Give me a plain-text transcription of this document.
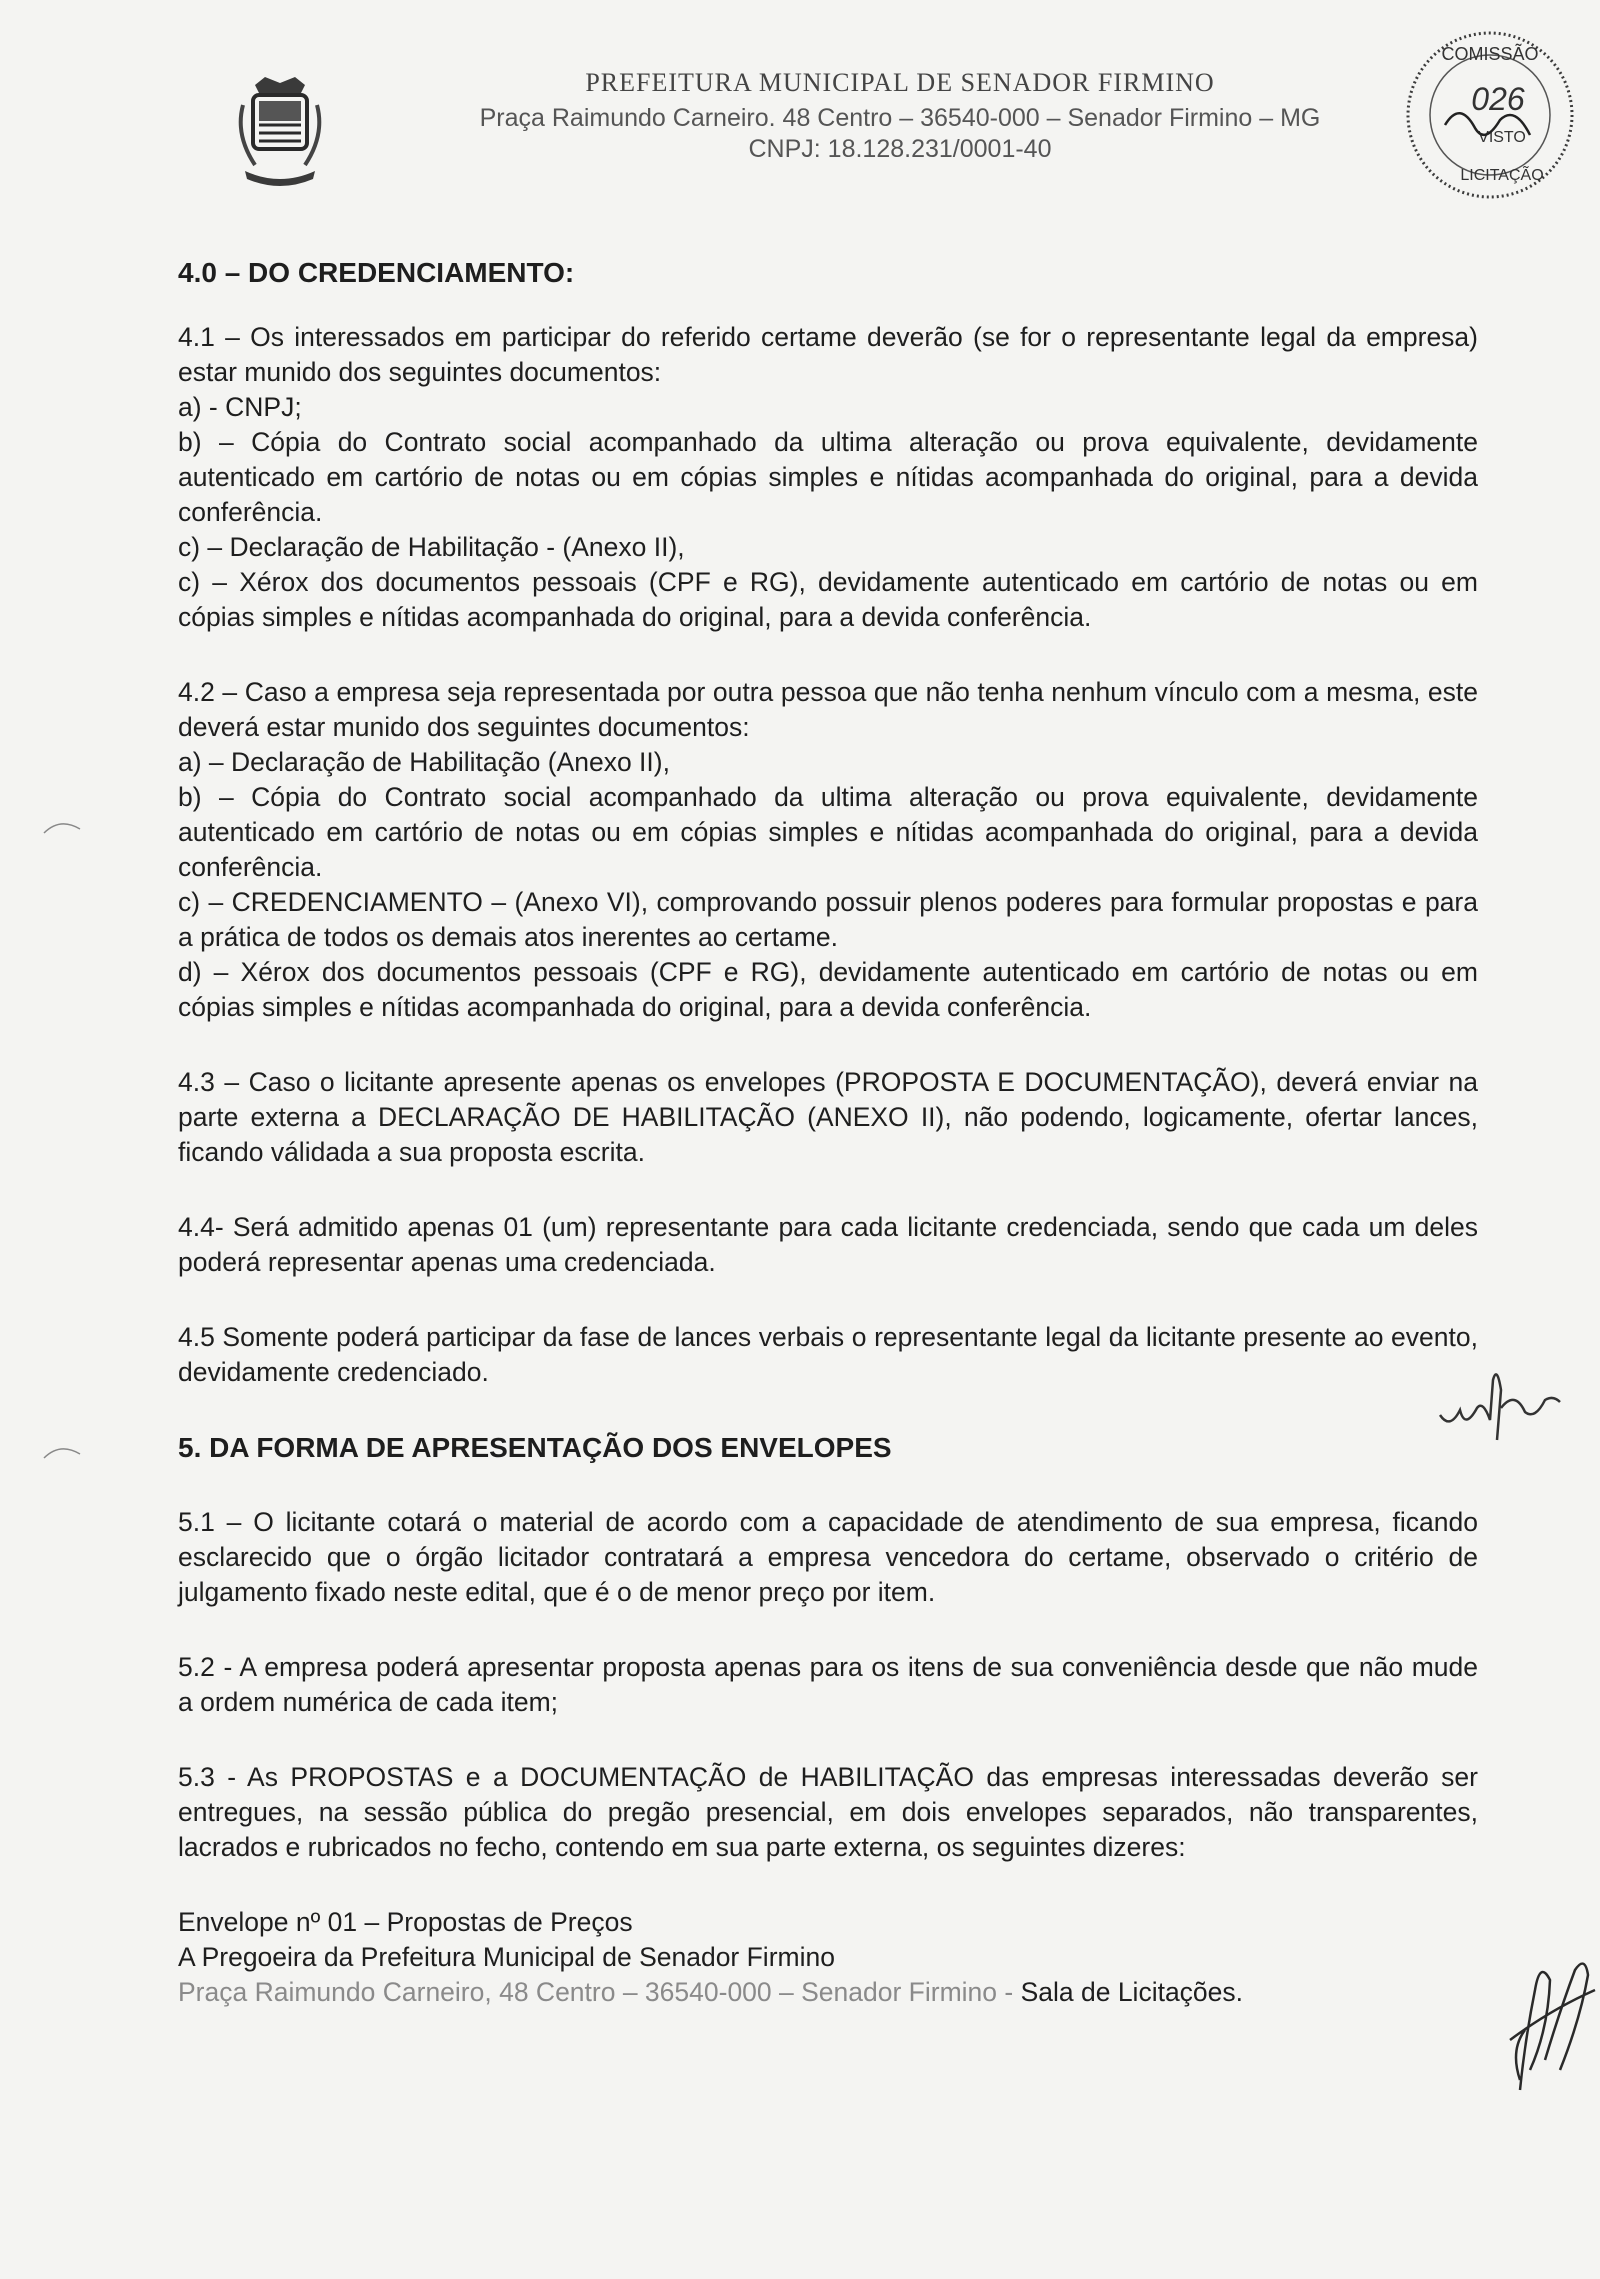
PREFEITURA MUNICIPAL DE SENADOR FIRMINO
Praça Raimundo Carneiro. 48 Centro – 36540-000 – Senador Firmino – MG
CNPJ: 18.128.231/0001-40
COMISSÃO
026
VISTO
LICITAÇÃO

4.0 – DO CREDENCIAMENTO:

4.1 – Os interessados em participar do referido certame deverão (se for o representante legal da empresa) estar munido dos seguintes documentos:

a) - CNPJ;

b) – Cópia do Contrato social acompanhado da ultima alteração ou prova equivalente, devidamente autenticado em cartório de notas ou em cópias simples e nítidas acompanhada do original, para a devida conferência.

c) – Declaração de Habilitação - (Anexo II),

c) – Xérox dos documentos pessoais (CPF e RG), devidamente autenticado em cartório de notas ou em cópias simples e nítidas acompanhada do original, para a devida conferência.

4.2 – Caso a empresa seja representada por outra pessoa que não tenha nenhum vínculo com a mesma, este deverá estar munido dos seguintes documentos:

a) – Declaração de Habilitação (Anexo II),

b) – Cópia do Contrato social acompanhado da ultima alteração ou prova equivalente, devidamente autenticado em cartório de notas ou em cópias simples e nítidas acompanhada do original, para a devida conferência.

c) – CREDENCIAMENTO – (Anexo VI), comprovando possuir plenos poderes para formular propostas e para a prática de todos os demais atos inerentes ao certame.

d) – Xérox dos documentos pessoais (CPF e RG), devidamente autenticado em cartório de notas ou em cópias simples e nítidas acompanhada do original, para a devida conferência.

4.3 – Caso o licitante apresente apenas os envelopes (PROPOSTA E DOCUMENTAÇÃO), deverá enviar na parte externa a DECLARAÇÃO DE HABILITAÇÃO (ANEXO II), não podendo, logicamente, ofertar lances, ficando válidada a sua proposta escrita.

4.4- Será admitido apenas 01 (um) representante para cada licitante credenciada, sendo que cada um deles poderá representar apenas uma credenciada.

4.5 Somente poderá participar da fase de lances verbais o representante legal da licitante presente ao evento, devidamente credenciado.

5. DA FORMA DE APRESENTAÇÃO DOS ENVELOPES

5.1 – O licitante cotará o material de acordo com a capacidade de atendimento de sua empresa, ficando esclarecido que o órgão licitador contratará a empresa vencedora do certame, observado o critério de julgamento fixado neste edital, que é o de menor preço por item.

5.2 - A empresa poderá apresentar proposta apenas para os itens de sua conveniência desde que não mude a ordem numérica de cada item;

5.3 - As PROPOSTAS e a DOCUMENTAÇÃO de HABILITAÇÃO das empresas interessadas deverão ser entregues, na sessão pública do pregão presencial, em dois envelopes separados, não transparentes, lacrados e rubricados no fecho, contendo em sua parte externa, os seguintes dizeres:

Envelope nº 01 – Propostas de Preços

A Pregoeira da Prefeitura Municipal de Senador Firmino

Praça Raimundo Carneiro, 48 Centro – 36540-000 – Senador Firmino - Sala de Licitações.
